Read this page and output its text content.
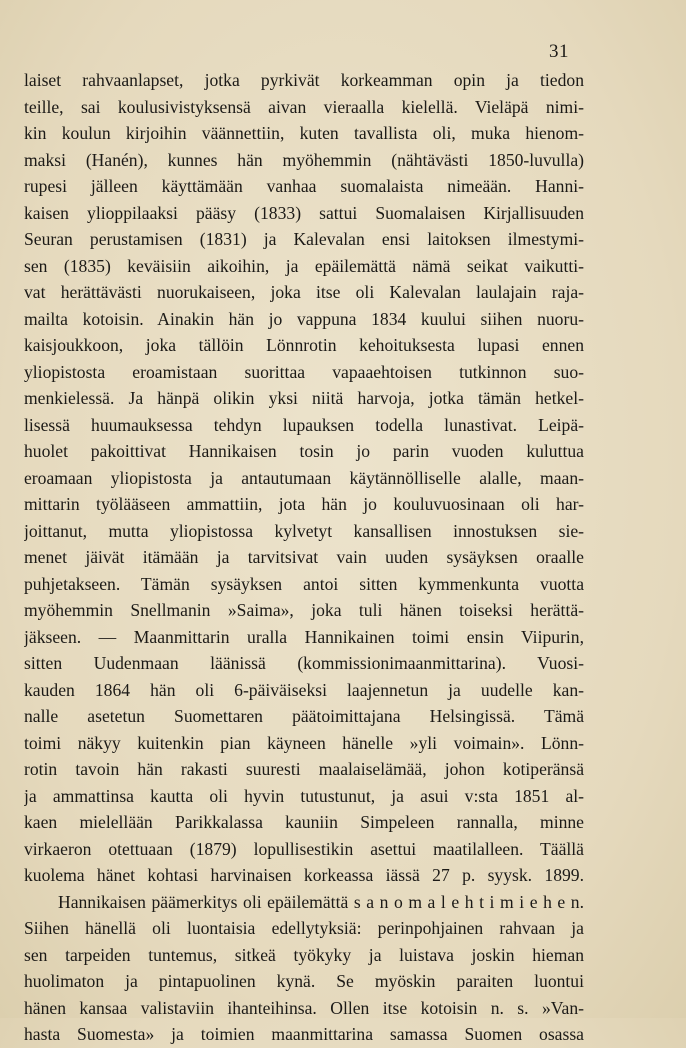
31
laiset rahvaanlapset, jotka pyrkivät korkeamman opin ja tiedon
teille, sai koulusivistyksensä aivan vieraalla kielellä. Vieläpä nimi-
kin koulun kirjoihin väännettiin, kuten tavallista oli, muka hienom-
maksi (Hanén), kunnes hän myöhemmin (nähtävästi 1850-luvulla)
rupesi jälleen käyttämään vanhaa suomalaista nimeään. Hanni-
kaisen ylioppilaaksi pääsy (1833) sattui Suomalaisen Kirjallisuuden
Seuran perustamisen (1831) ja Kalevalan ensi laitoksen ilmestymi-
sen (1835) keväisiin aikoihin, ja epäilemättä nämä seikat vaikutti-
vat herättävästi nuorukaiseen, joka itse oli Kalevalan laulajain raja-
mailta kotoisin. Ainakin hän jo vappuna 1834 kuului siihen nuoru-
kaisjoukkoon, joka tällöin Lönnrotin kehoituksesta lupasi ennen
yliopistosta eroamistaan suorittaa vapaaehtoisen tutkinnon suo-
menkielessä. Ja hänpä olikin yksi niitä harvoja, jotka tämän hetkel-
lisessä huumauksessa tehdyn lupauksen todella lunastivat. Leipä-
huolet pakoittivat Hannikaisen tosin jo parin vuoden kuluttua
eroamaan yliopistosta ja antautumaan käytännölliselle alalle, maan-
mittarin työlääseen ammattiin, jota hän jo kouluvuosinaan oli har-
joittanut, mutta yliopistossa kylvetyt kansallisen innostuksen sie-
menet jäivät itämään ja tarvitsivat vain uuden sysäyksen oraalle
puhjetakseen. Tämän sysäyksen antoi sitten kymmenkunta vuotta
myöhemmin Snellmanin »Saima», joka tuli hänen toiseksi herättä-
jäkseen. — Maanmittarin uralla Hannikainen toimi ensin Viipurin,
sitten Uudenmaan läänissä (kommissionimaanmittarina). Vuosi-
kauden 1864 hän oli 6-päiväiseksi laajennetun ja uudelle kan-
nalle asetetun Suomettaren päätoimittajana Helsingissä. Tämä
toimi näkyy kuitenkin pian käyneen hänelle »yli voimain». Lönn-
rotin tavoin hän rakasti suuresti maalaiselämää, johon kotiperänsä
ja ammattinsa kautta oli hyvin tutustunut, ja asui v:sta 1851 al-
kaen mielellään Parikkalassa kauniin Simpeleen rannalla, minne
virkaeron otettuaan (1879) lopullisestikin asettui maatilalleen. Täällä
kuolema hänet kohtasi harvinaisen korkeassa iässä 27 p. syysk. 1899.
Hannikaisen päämerkitys oli epäilemättä s a n o m a l e h t i m i e h e n.
Siihen hänellä oli luontaisia edellytyksiä: perinpohjainen rahvaan ja
sen tarpeiden tuntemus, sitkeä työkyky ja luistava joskin hieman
huolimaton ja pintapuolinen kynä. Se myöskin paraiten luontui
hänen kansaa valistaviin ihanteihinsa. Ollen itse kotoisin n. s. »Van-
hasta Suomesta» ja toimien maanmittarina samassa Suomen osassa
